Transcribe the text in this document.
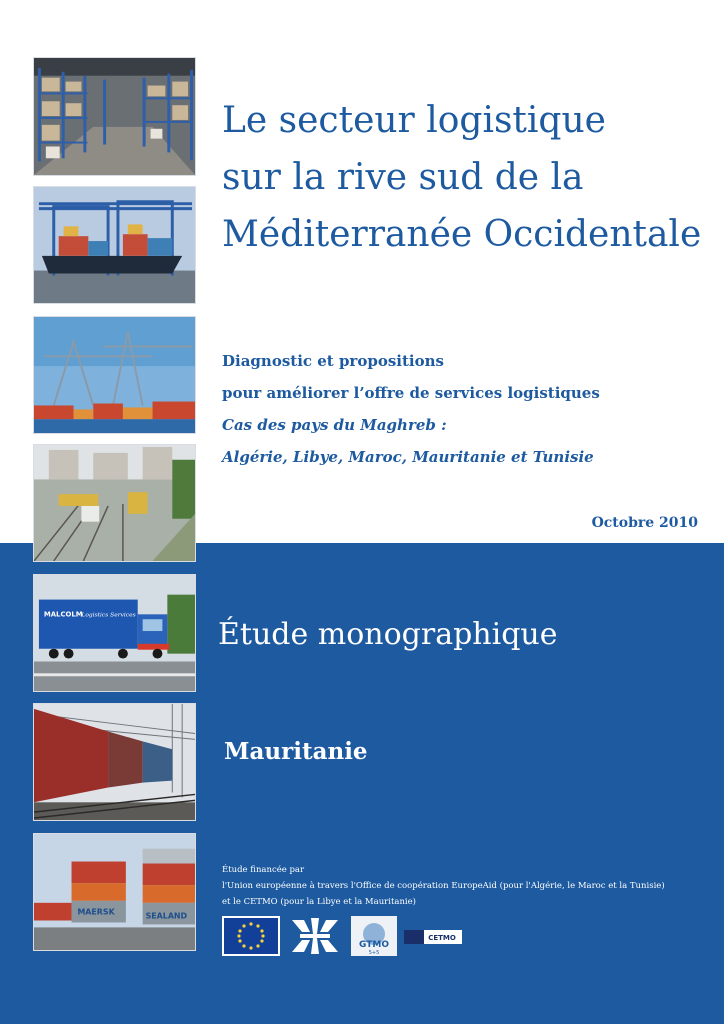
MALCOLM
Logistics Services
MAERSK	SEALAND
Le secteur logistique
sur la rive sud de la
Méditerranée Occidentale
Diagnostic et propositions
pour améliorer l’offre de services logistiques
Cas des pays du Maghreb :
Algérie, Libye, Maroc, Mauritanie et Tunisie
Octobre 2010
Étude monographique
Mauritanie
Étude financée par
l'Union européenne à travers l'Office de coopération EuropeAid (pour l'Algérie, le Maroc et la Tunisie)
et le CETMO (pour la Libye et la Mauritanie)
GTMO
5+5
CETMO
